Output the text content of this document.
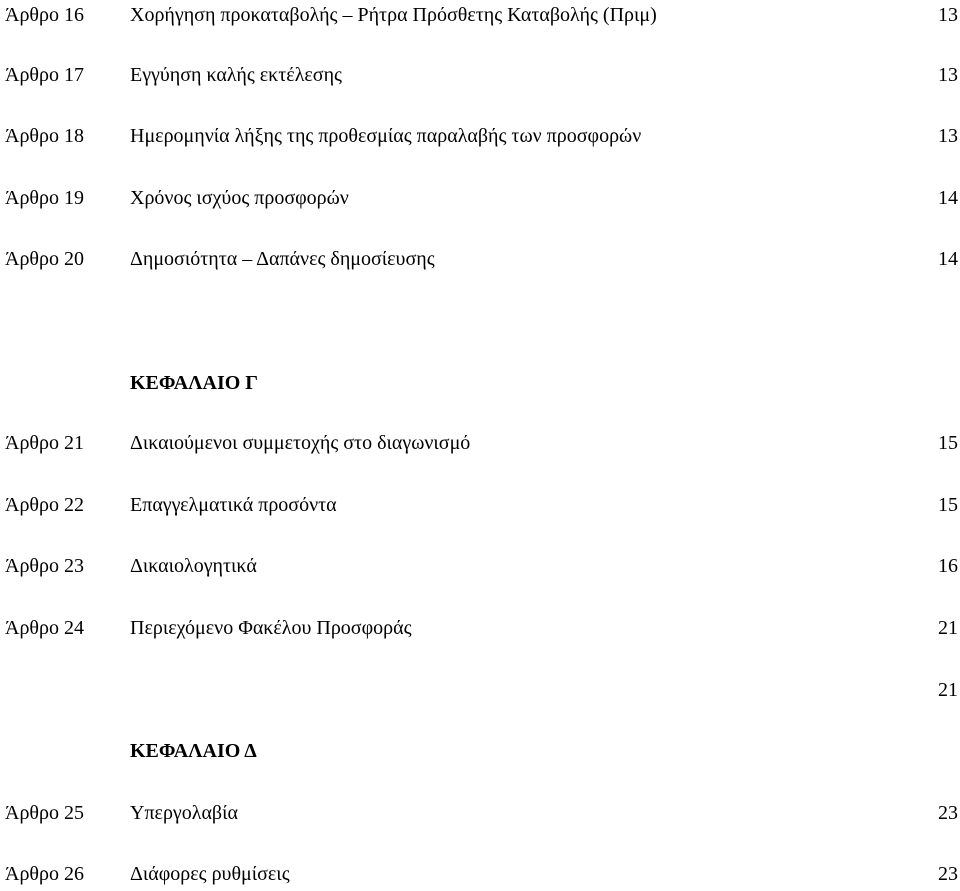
Άρθρο 16 Χορήγηση προκαταβολής – Ρήτρα Πρόσθετης Καταβολής (Πριμ)	13
Άρθρο 17 Εγγύηση καλής εκτέλεσης	13
Άρθρο 18 Ημερομηνία λήξης της προθεσμίας παραλαβής των προσφορών	13
Άρθρο 19 Χρόνος ισχύος προσφορών	14
Άρθρο 20 Δημοσιότητα – Δαπάνες δημοσίευσης	14
ΚΕΦΑΛΑΙΟ Γ
Άρθρο 21 Δικαιούμενοι συμμετοχής στο διαγωνισμό	15
Άρθρο 22 Επαγγελματικά προσόντα	15
Άρθρο 23 Δικαιολογητικά	16
Άρθρο 24 Περιεχόμενο Φακέλου Προσφοράς	21
21
ΚΕΦΑΛΑΙΟ Δ
Άρθρο 25 Υπεργολαβία	23
Άρθρο 26 Διάφορες ρυθμίσεις	23
